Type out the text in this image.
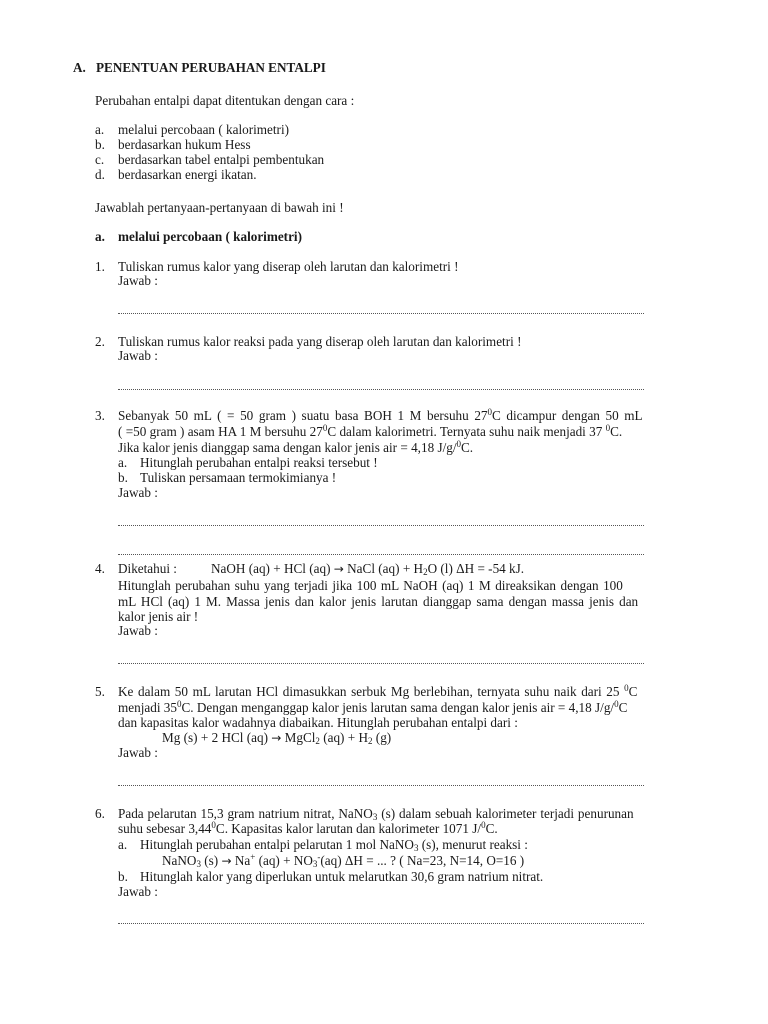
A. PENENTUAN PERUBAHAN ENTALPI
Perubahan entalpi dapat ditentukan dengan cara :
a. melalui percobaan ( kalorimetri)
b. berdasarkan hukum Hess
c. berdasarkan tabel entalpi pembentukan
d. berdasarkan energi ikatan.
Jawablah pertanyaan-pertanyaan di bawah ini !
a. melalui percobaan ( kalorimetri)
1. Tuliskan rumus kalor yang diserap oleh larutan dan kalorimetri !
Jawab :
2. Tuliskan rumus kalor reaksi pada yang diserap oleh larutan dan kalorimetri !
Jawab :
3. Sebanyak 50 mL ( = 50 gram ) suatu basa BOH 1 M bersuhu $27^0C$ dicampur dengan 50 mL
( =50 gram ) asam HA 1 M bersuhu $27^0C$ dalam kalorimetri. Ternyata suhu naik menjadi 37 $^0$C.
Jika kalor jenis dianggap sama dengan kalor jenis air = 4,18 J/g/$^0$C.
a. Hitunglah perubahan entalpi reaksi tersebut !
b. Tuliskan persamaan termokimianya !
Jawab :
4. Diketahui :	NaOH (aq) + HCl (aq) → NaCl $(aq) + H_2O$ (l) ΔH = -54 kJ.
Hitunglah perubahan suhu yang terjadi jika 100 mL NaOH (aq) 1 M direaksikan dengan 100
mL HCl (aq) 1 M. Massa jenis dan kalor jenis larutan dianggap sama dengan massa jenis dan
kalor jenis air !
Jawab :
5. Ke dalam 50 mL larutan HCl dimasukkan serbuk Mg berlebihan, ternyata suhu naik dari 25 $^0$C
menjadi $35^0C$. Dengan menganggap kalor jenis larutan sama dengan kalor jenis air = 4,18 J/g/$^0$C
dan kapasitas kalor wadahnya diabaikan. Hitunglah perubahan entalpi dari :
Mg (s) + 2 HCl (aq) → MgCl$_2$ $(aq) + H_2$ (g)
Jawab :
6. Pada pelarutan 15,3 gram natrium nitrat, NaNO$_3$ (s) dalam sebuah kalorimeter terjadi penurunan
suhu sebesar 3,44$^0$C. Kapasitas kalor larutan dan kalorimeter 1071 J/$^0$C.
a. Hitunglah perubahan entalpi pelarutan 1 mol NaNO$_3$ (s), menurut reaksi :
NaNO$_3$ (s) → Na+ $(aq) + NO_3^-(aq) \Delta H$ = ... ? ( Na=23, N=14, O=16 )
b. Hitunglah kalor yang diperlukan untuk melarutkan 30,6 gram natrium nitrat.
Jawab :
